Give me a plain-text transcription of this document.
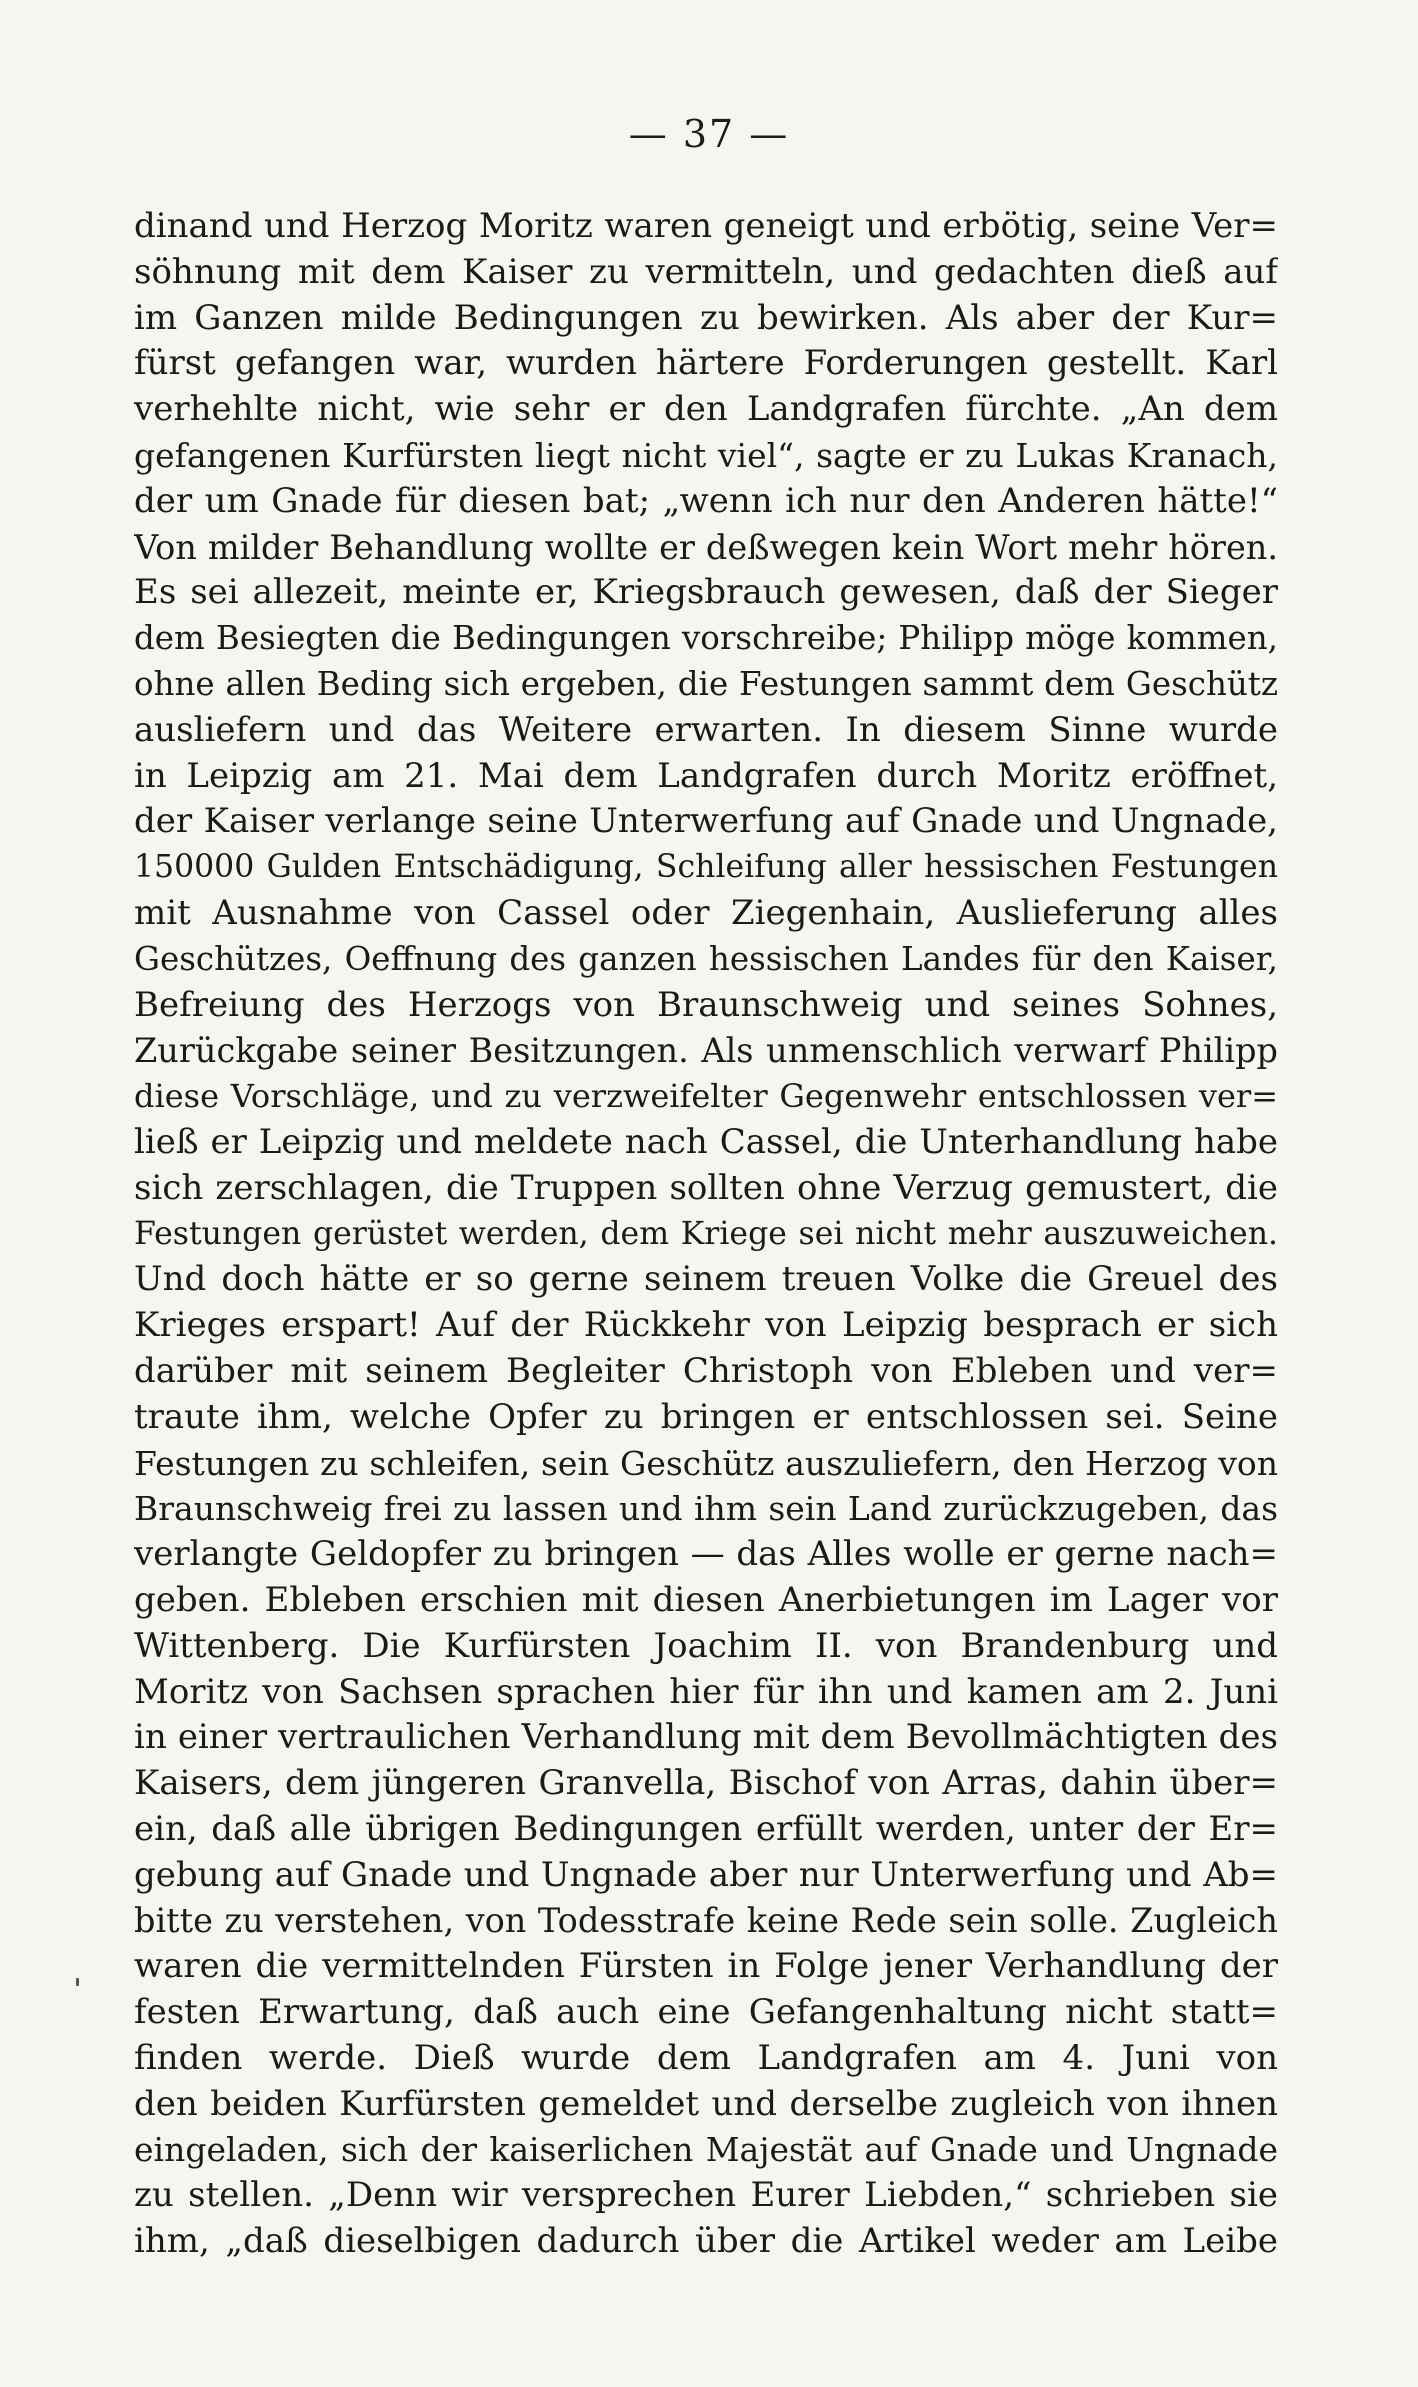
— 37 —
dinand und Herzog Moritz waren geneigt und erbötig, seine Ver=
söhnung mit dem Kaiser zu vermitteln, und gedachten dieß auf
im Ganzen milde Bedingungen zu bewirken. Als aber der Kur=
fürst gefangen war, wurden härtere Forderungen gestellt. Karl
verhehlte nicht, wie sehr er den Landgrafen fürchte. „An dem
gefangenen Kurfürsten liegt nicht viel“, sagte er zu Lukas Kranach,
der um Gnade für diesen bat; „wenn ich nur den Anderen hätte!“
Von milder Behandlung wollte er deßwegen kein Wort mehr hören.
Es sei allezeit, meinte er, Kriegsbrauch gewesen, daß der Sieger
dem Besiegten die Bedingungen vorschreibe; Philipp möge kommen,
ohne allen Beding sich ergeben, die Festungen sammt dem Geschütz
ausliefern und das Weitere erwarten. In diesem Sinne wurde
in Leipzig am 21. Mai dem Landgrafen durch Moritz eröffnet,
der Kaiser verlange seine Unterwerfung auf Gnade und Ungnade,
150000 Gulden Entschädigung, Schleifung aller hessischen Festungen
mit Ausnahme von Cassel oder Ziegenhain, Auslieferung alles
Geschützes, Oeffnung des ganzen hessischen Landes für den Kaiser,
Befreiung des Herzogs von Braunschweig und seines Sohnes,
Zurückgabe seiner Besitzungen. Als unmenschlich verwarf Philipp
diese Vorschläge, und zu verzweifelter Gegenwehr entschlossen ver=
ließ er Leipzig und meldete nach Cassel, die Unterhandlung habe
sich zerschlagen, die Truppen sollten ohne Verzug gemustert, die
Festungen gerüstet werden, dem Kriege sei nicht mehr auszuweichen.
Und doch hätte er so gerne seinem treuen Volke die Greuel des
Krieges erspart! Auf der Rückkehr von Leipzig besprach er sich
darüber mit seinem Begleiter Christoph von Ebleben und ver=
traute ihm, welche Opfer zu bringen er entschlossen sei. Seine
Festungen zu schleifen, sein Geschütz auszuliefern, den Herzog von
Braunschweig frei zu lassen und ihm sein Land zurückzugeben, das
verlangte Geldopfer zu bringen — das Alles wolle er gerne nach=
geben. Ebleben erschien mit diesen Anerbietungen im Lager vor
Wittenberg. Die Kurfürsten Joachim II. von Brandenburg und
Moritz von Sachsen sprachen hier für ihn und kamen am 2. Juni
in einer vertraulichen Verhandlung mit dem Bevollmächtigten des
Kaisers, dem jüngeren Granvella, Bischof von Arras, dahin über=
ein, daß alle übrigen Bedingungen erfüllt werden, unter der Er=
gebung auf Gnade und Ungnade aber nur Unterwerfung und Ab=
bitte zu verstehen, von Todesstrafe keine Rede sein solle. Zugleich
waren die vermittelnden Fürsten in Folge jener Verhandlung der
festen Erwartung, daß auch eine Gefangenhaltung nicht statt=
finden werde. Dieß wurde dem Landgrafen am 4. Juni von
den beiden Kurfürsten gemeldet und derselbe zugleich von ihnen
eingeladen, sich der kaiserlichen Majestät auf Gnade und Ungnade
zu stellen. „Denn wir versprechen Eurer Liebden,“ schrieben sie
ihm, „daß dieselbigen dadurch über die Artikel weder am Leibe
